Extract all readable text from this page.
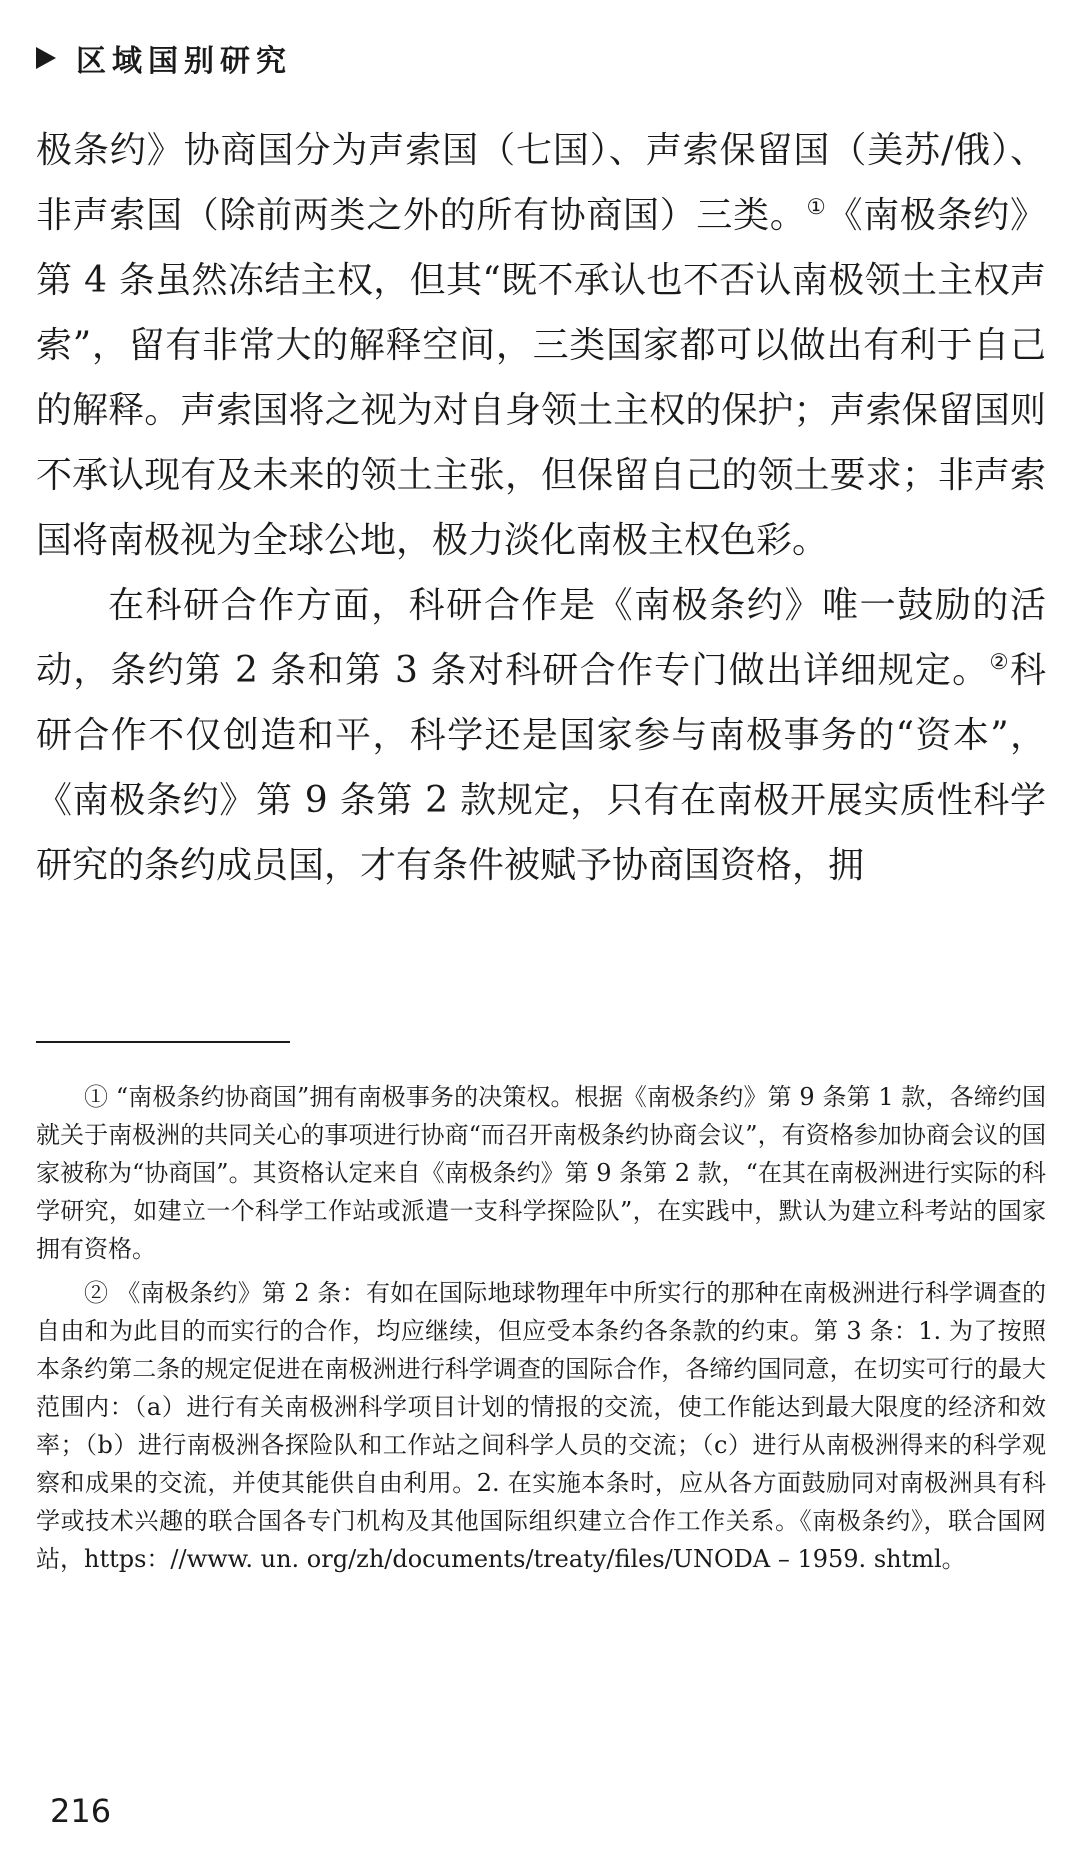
区域国别研究

极条约》协商国分为声索国（七国）、声索保留国（美苏/俄）、非声索国（除前两类之外的所有协商国）三类。①《南极条约》第 4 条虽然冻结主权，但其“既不承认也不否认南极领土主权声索”，留有非常大的解释空间，三类国家都可以做出有利于自己的解释。声索国将之视为对自身领土主权的保护；声索保留国则不承认现有及未来的领土主张，但保留自己的领土要求；非声索国将南极视为全球公地，极力淡化南极主权色彩。

在科研合作方面，科研合作是《南极条约》唯一鼓励的活动，条约第 2 条和第 3 条对科研合作专门做出详细规定。②科研合作不仅创造和平，科学还是国家参与南极事务的“资本”，《南极条约》第 9 条第 2 款规定，只有在南极开展实质性科学研究的条约成员国，才有条件被赋予协商国资格，拥

① “南极条约协商国”拥有南极事务的决策权。根据《南极条约》第 9 条第 1 款，各缔约国就关于南极洲的共同关心的事项进行协商“而召开南极条约协商会议”，有资格参加协商会议的国家被称为“协商国”。其资格认定来自《南极条约》第 9 条第 2 款，“在其在南极洲进行实际的科学研究，如建立一个科学工作站或派遣一支科学探险队”，在实践中，默认为建立科考站的国家拥有资格。

② 《南极条约》第 2 条：有如在国际地球物理年中所实行的那种在南极洲进行科学调查的自由和为此目的而实行的合作，均应继续，但应受本条约各条款的约束。第 3 条：1. 为了按照本条约第二条的规定促进在南极洲进行科学调查的国际合作，各缔约国同意，在切实可行的最大范围内：（a）进行有关南极洲科学项目计划的情报的交流，使工作能达到最大限度的经济和效率；（b）进行南极洲各探险队和工作站之间科学人员的交流；（c）进行从南极洲得来的科学观察和成果的交流，并使其能供自由利用。2. 在实施本条时，应从各方面鼓励同对南极洲具有科学或技术兴趣的联合国各专门机构及其他国际组织建立合作工作关系。《南极条约》，联合国网站，https：//www. un. org/zh/documents/treaty/files/UNODA – 1959. shtml。

216
